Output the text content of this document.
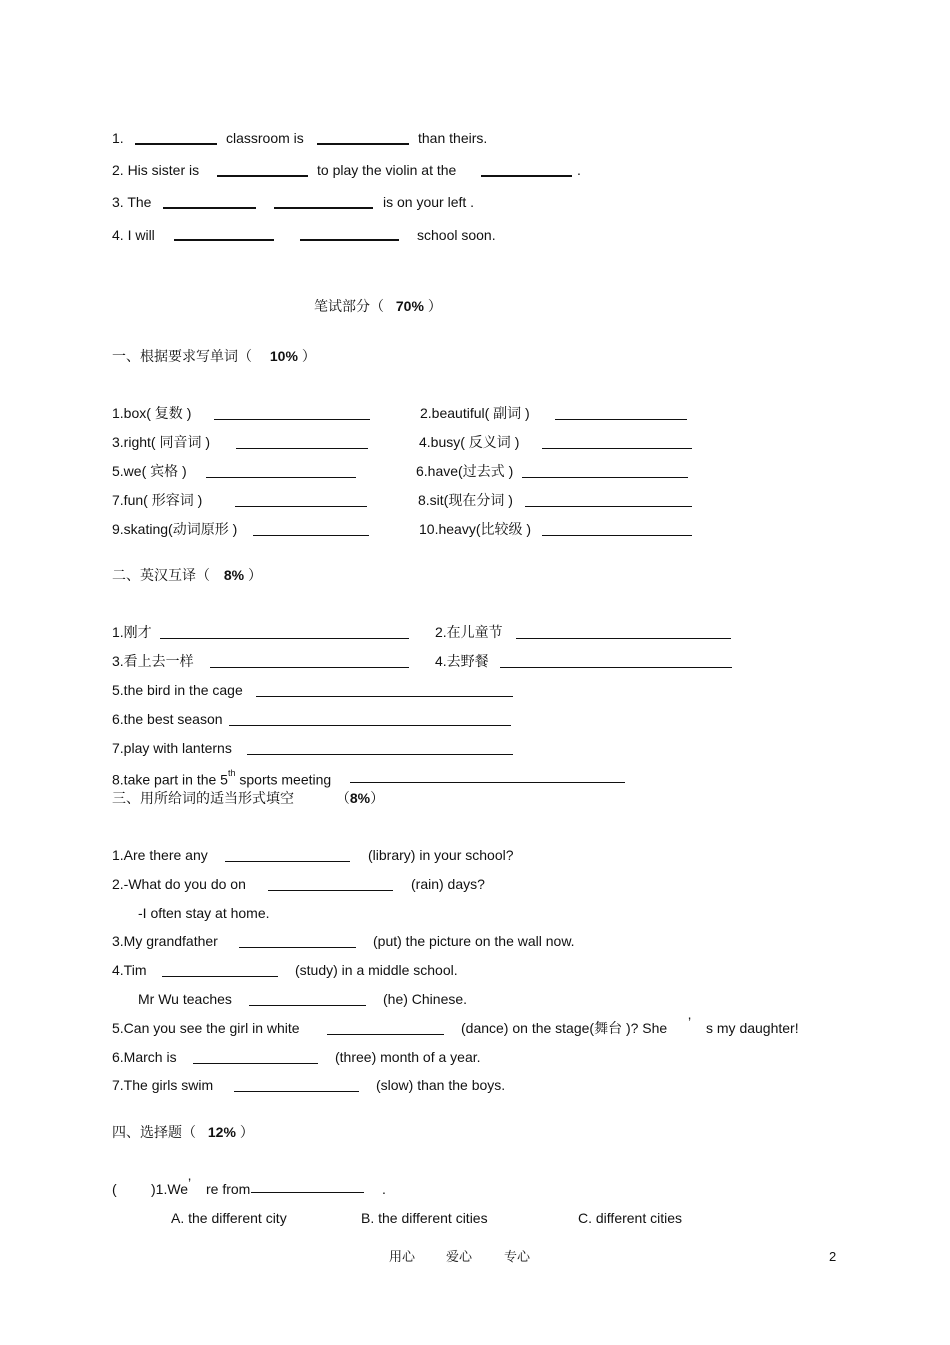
1.	classroom is	than theirs.
2. His sister is	to play the violin at the	.
3. The	is on your left .
4. I will	school soon.
笔试部分（ 70% ）
一、根据要求写单词（ 10% ）
1.box( 复数 )	2.beautiful( 副词 )
3.right( 同音词 )	4.busy( 反义词 )
5.we( 宾格 )	6.have(过去式 )
7.fun( 形容词 )	8.sit(现在分词 )
9.skating(动词原形 )	10.heavy(比较级 )
二、英汉互译（ 8% ）
1.刚才	2.在儿童节
3.看上去一样	4.去野餐
5.the bird in the cage
6.the best season
7.play with lanterns
8.take part in the 5th sports meeting
三、用所给词的适当形式填空	（8%）
1.Are there any	(library) in your school?
2.-What do you do on	(rain) days?
-I often stay at home.
3.My grandfather	(put) the picture on the wall now.
4.Tim	(study) in a middle school.
Mr Wu teaches	(he) Chinese.
5.Can you see the girl in white	(dance) on the stage(舞台 )? She ’ s my daughter!
6.March is	(three) month of a year.
7.The girls swim	(slow) than the boys.
四、选择题（ 12% ）
( )1.We ’ re from	.
A. the different city	B. the different cities	C. different cities
用心 爱心 专心	2
